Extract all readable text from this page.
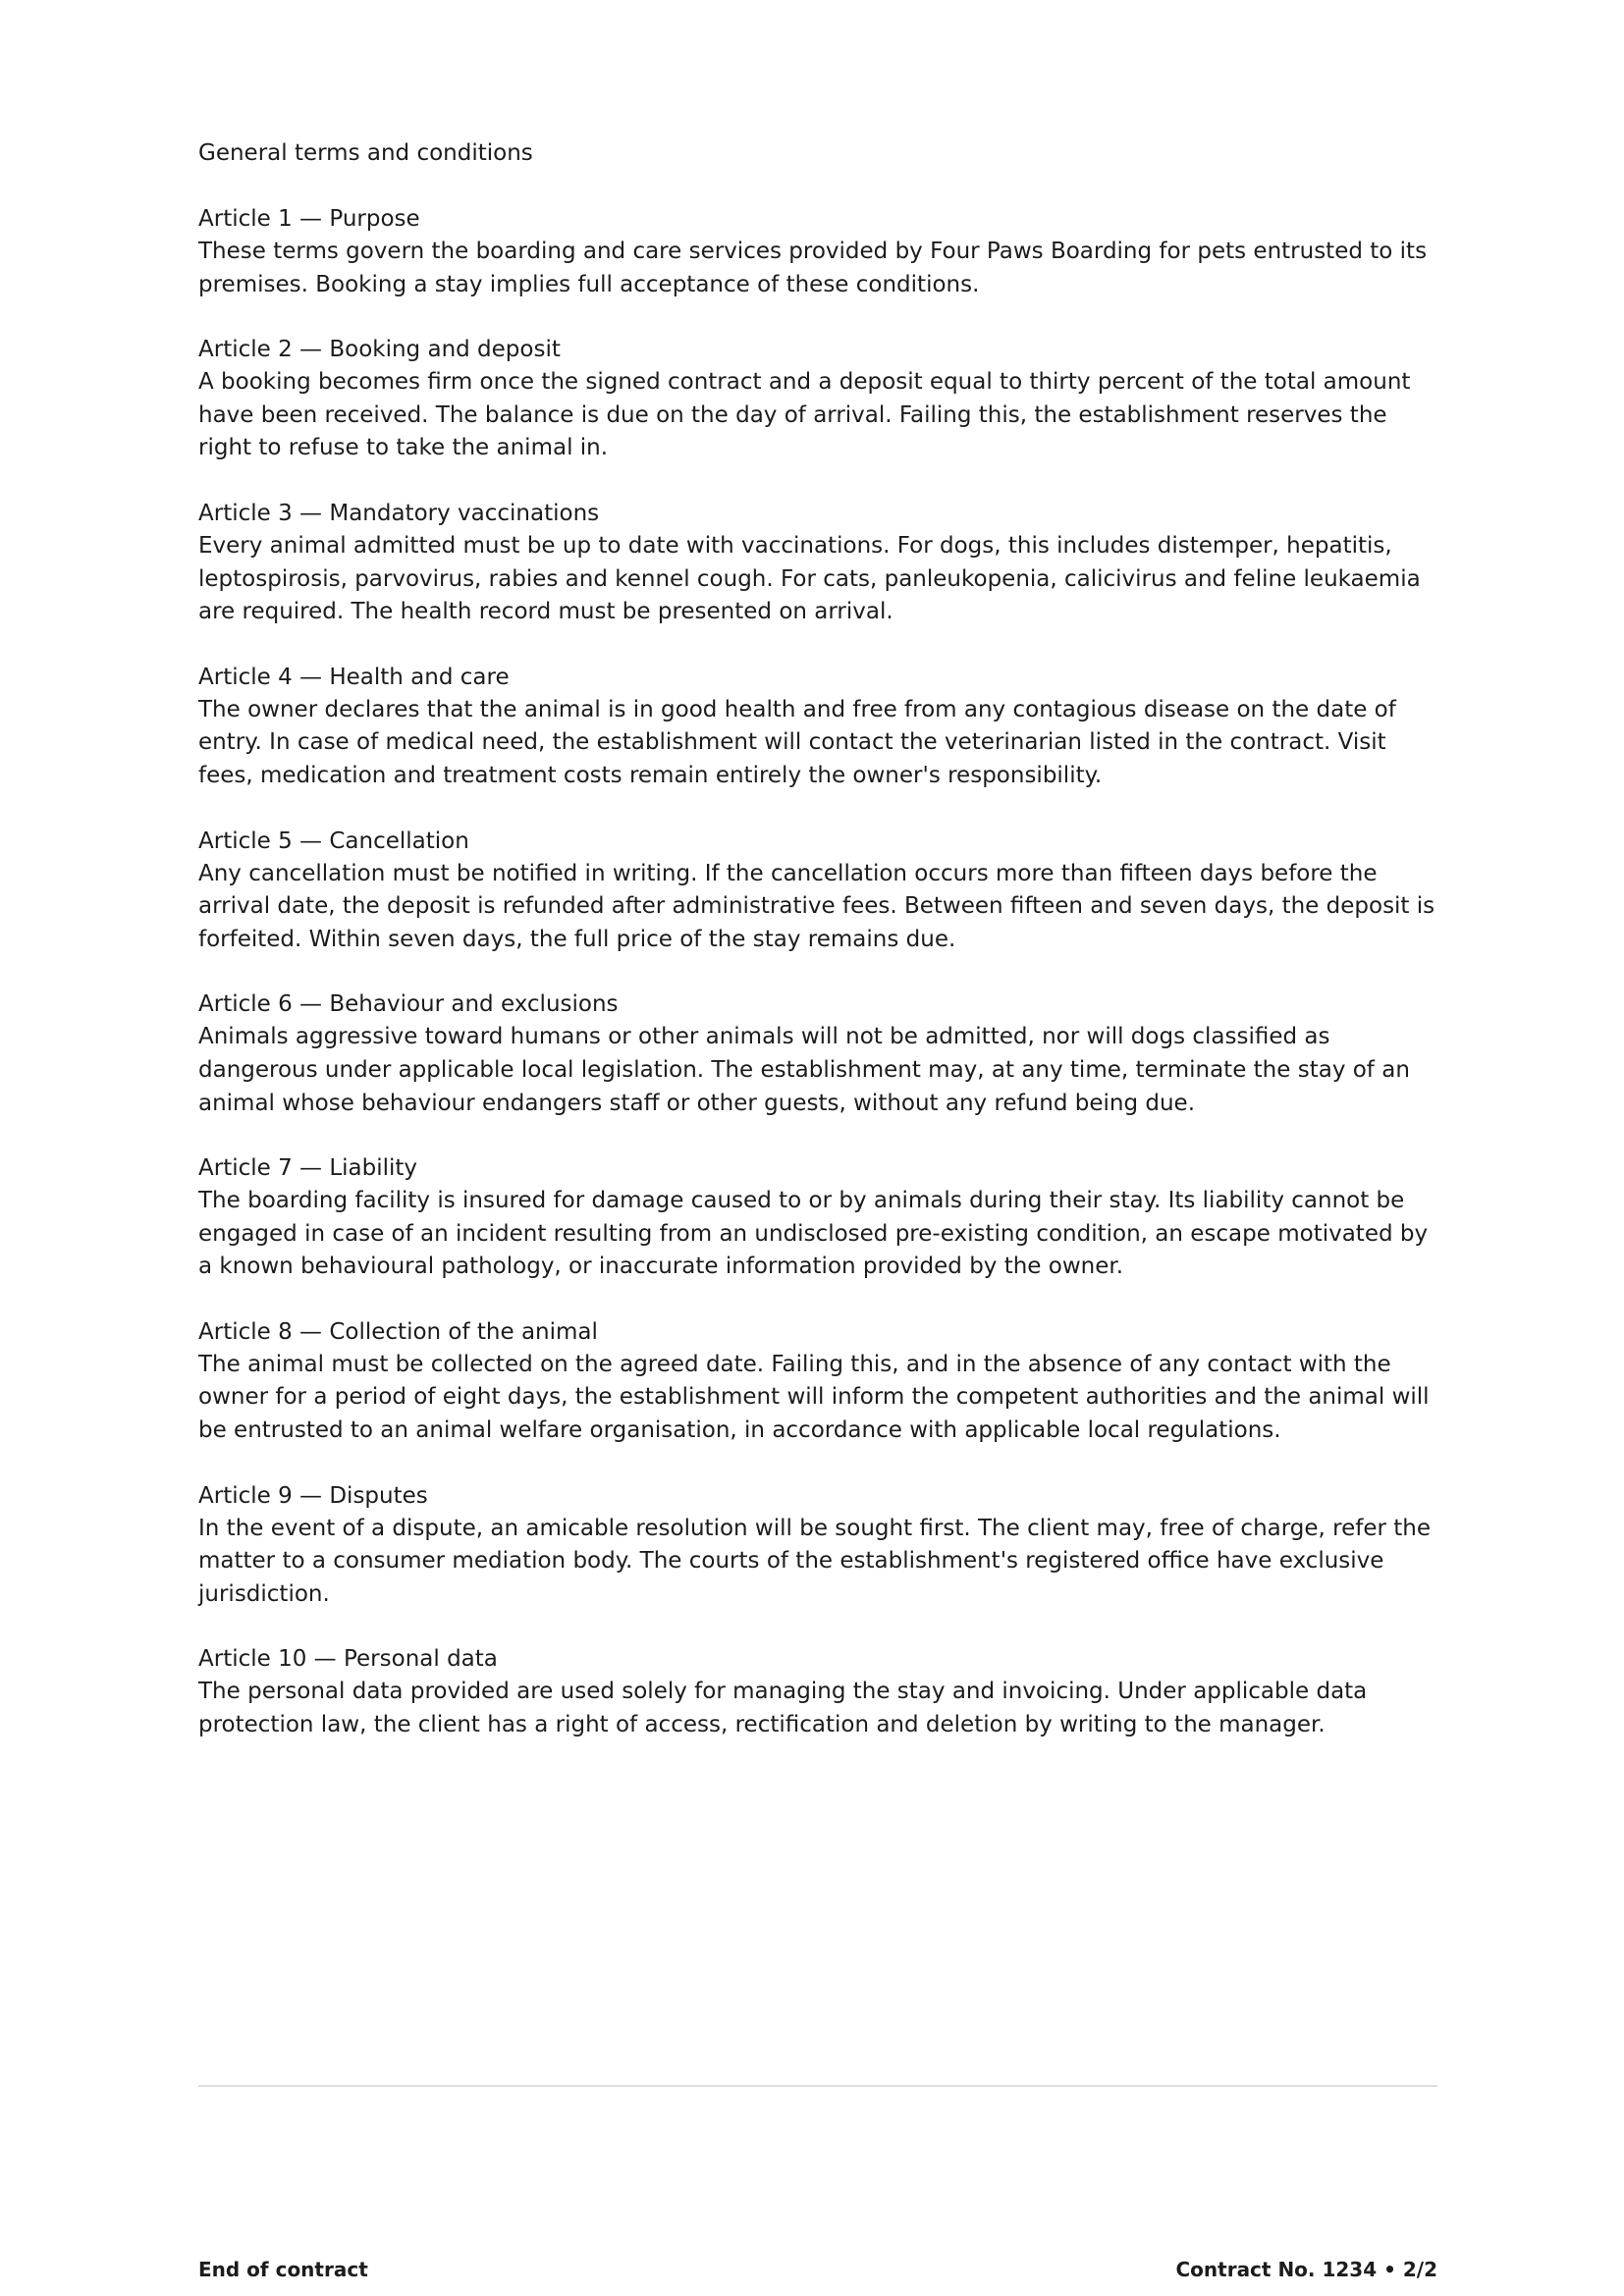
General terms and conditions
Article 1 — Purpose

These terms govern the boarding and care services provided by Four Paws Boarding for pets entrusted to its premises. Booking a stay implies full acceptance of these conditions.

Article 2 — Booking and deposit

A booking becomes firm once the signed contract and a deposit equal to thirty percent of the total amount have been received. The balance is due on the day of arrival. Failing this, the establishment reserves the right to refuse to take the animal in.

Article 3 — Mandatory vaccinations

Every animal admitted must be up to date with vaccinations. For dogs, this includes distemper, hepatitis, leptospirosis, parvovirus, rabies and kennel cough. For cats, panleukopenia, calicivirus and feline leukaemia are required. The health record must be presented on arrival.

Article 4 — Health and care

The owner declares that the animal is in good health and free from any contagious disease on the date of entry. In case of medical need, the establishment will contact the veterinarian listed in the contract. Visit fees, medication and treatment costs remain entirely the owner's responsibility.

Article 5 — Cancellation

Any cancellation must be notified in writing. If the cancellation occurs more than fifteen days before the arrival date, the deposit is refunded after administrative fees. Between fifteen and seven days, the deposit is forfeited. Within seven days, the full price of the stay remains due.

Article 6 — Behaviour and exclusions

Animals aggressive toward humans or other animals will not be admitted, nor will dogs classified as dangerous under applicable local legislation. The establishment may, at any time, terminate the stay of an animal whose behaviour endangers staff or other guests, without any refund being due.

Article 7 — Liability

The boarding facility is insured for damage caused to or by animals during their stay. Its liability cannot be engaged in case of an incident resulting from an undisclosed pre-existing condition, an escape motivated by a known behavioural pathology, or inaccurate information provided by the owner.

Article 8 — Collection of the animal

The animal must be collected on the agreed date. Failing this, and in the absence of any contact with the owner for a period of eight days, the establishment will inform the competent authorities and the animal will be entrusted to an animal welfare organisation, in accordance with applicable local regulations.

Article 9 — Disputes

In the event of a dispute, an amicable resolution will be sought first. The client may, free of charge, refer the matter to a consumer mediation body. The courts of the establishment's registered office have exclusive jurisdiction.

Article 10 — Personal data

The personal data provided are used solely for managing the stay and invoicing. Under applicable data protection law, the client has a right of access, rectification and deletion by writing to the manager.

End of contract	Contract No. 1234 • 2/2
